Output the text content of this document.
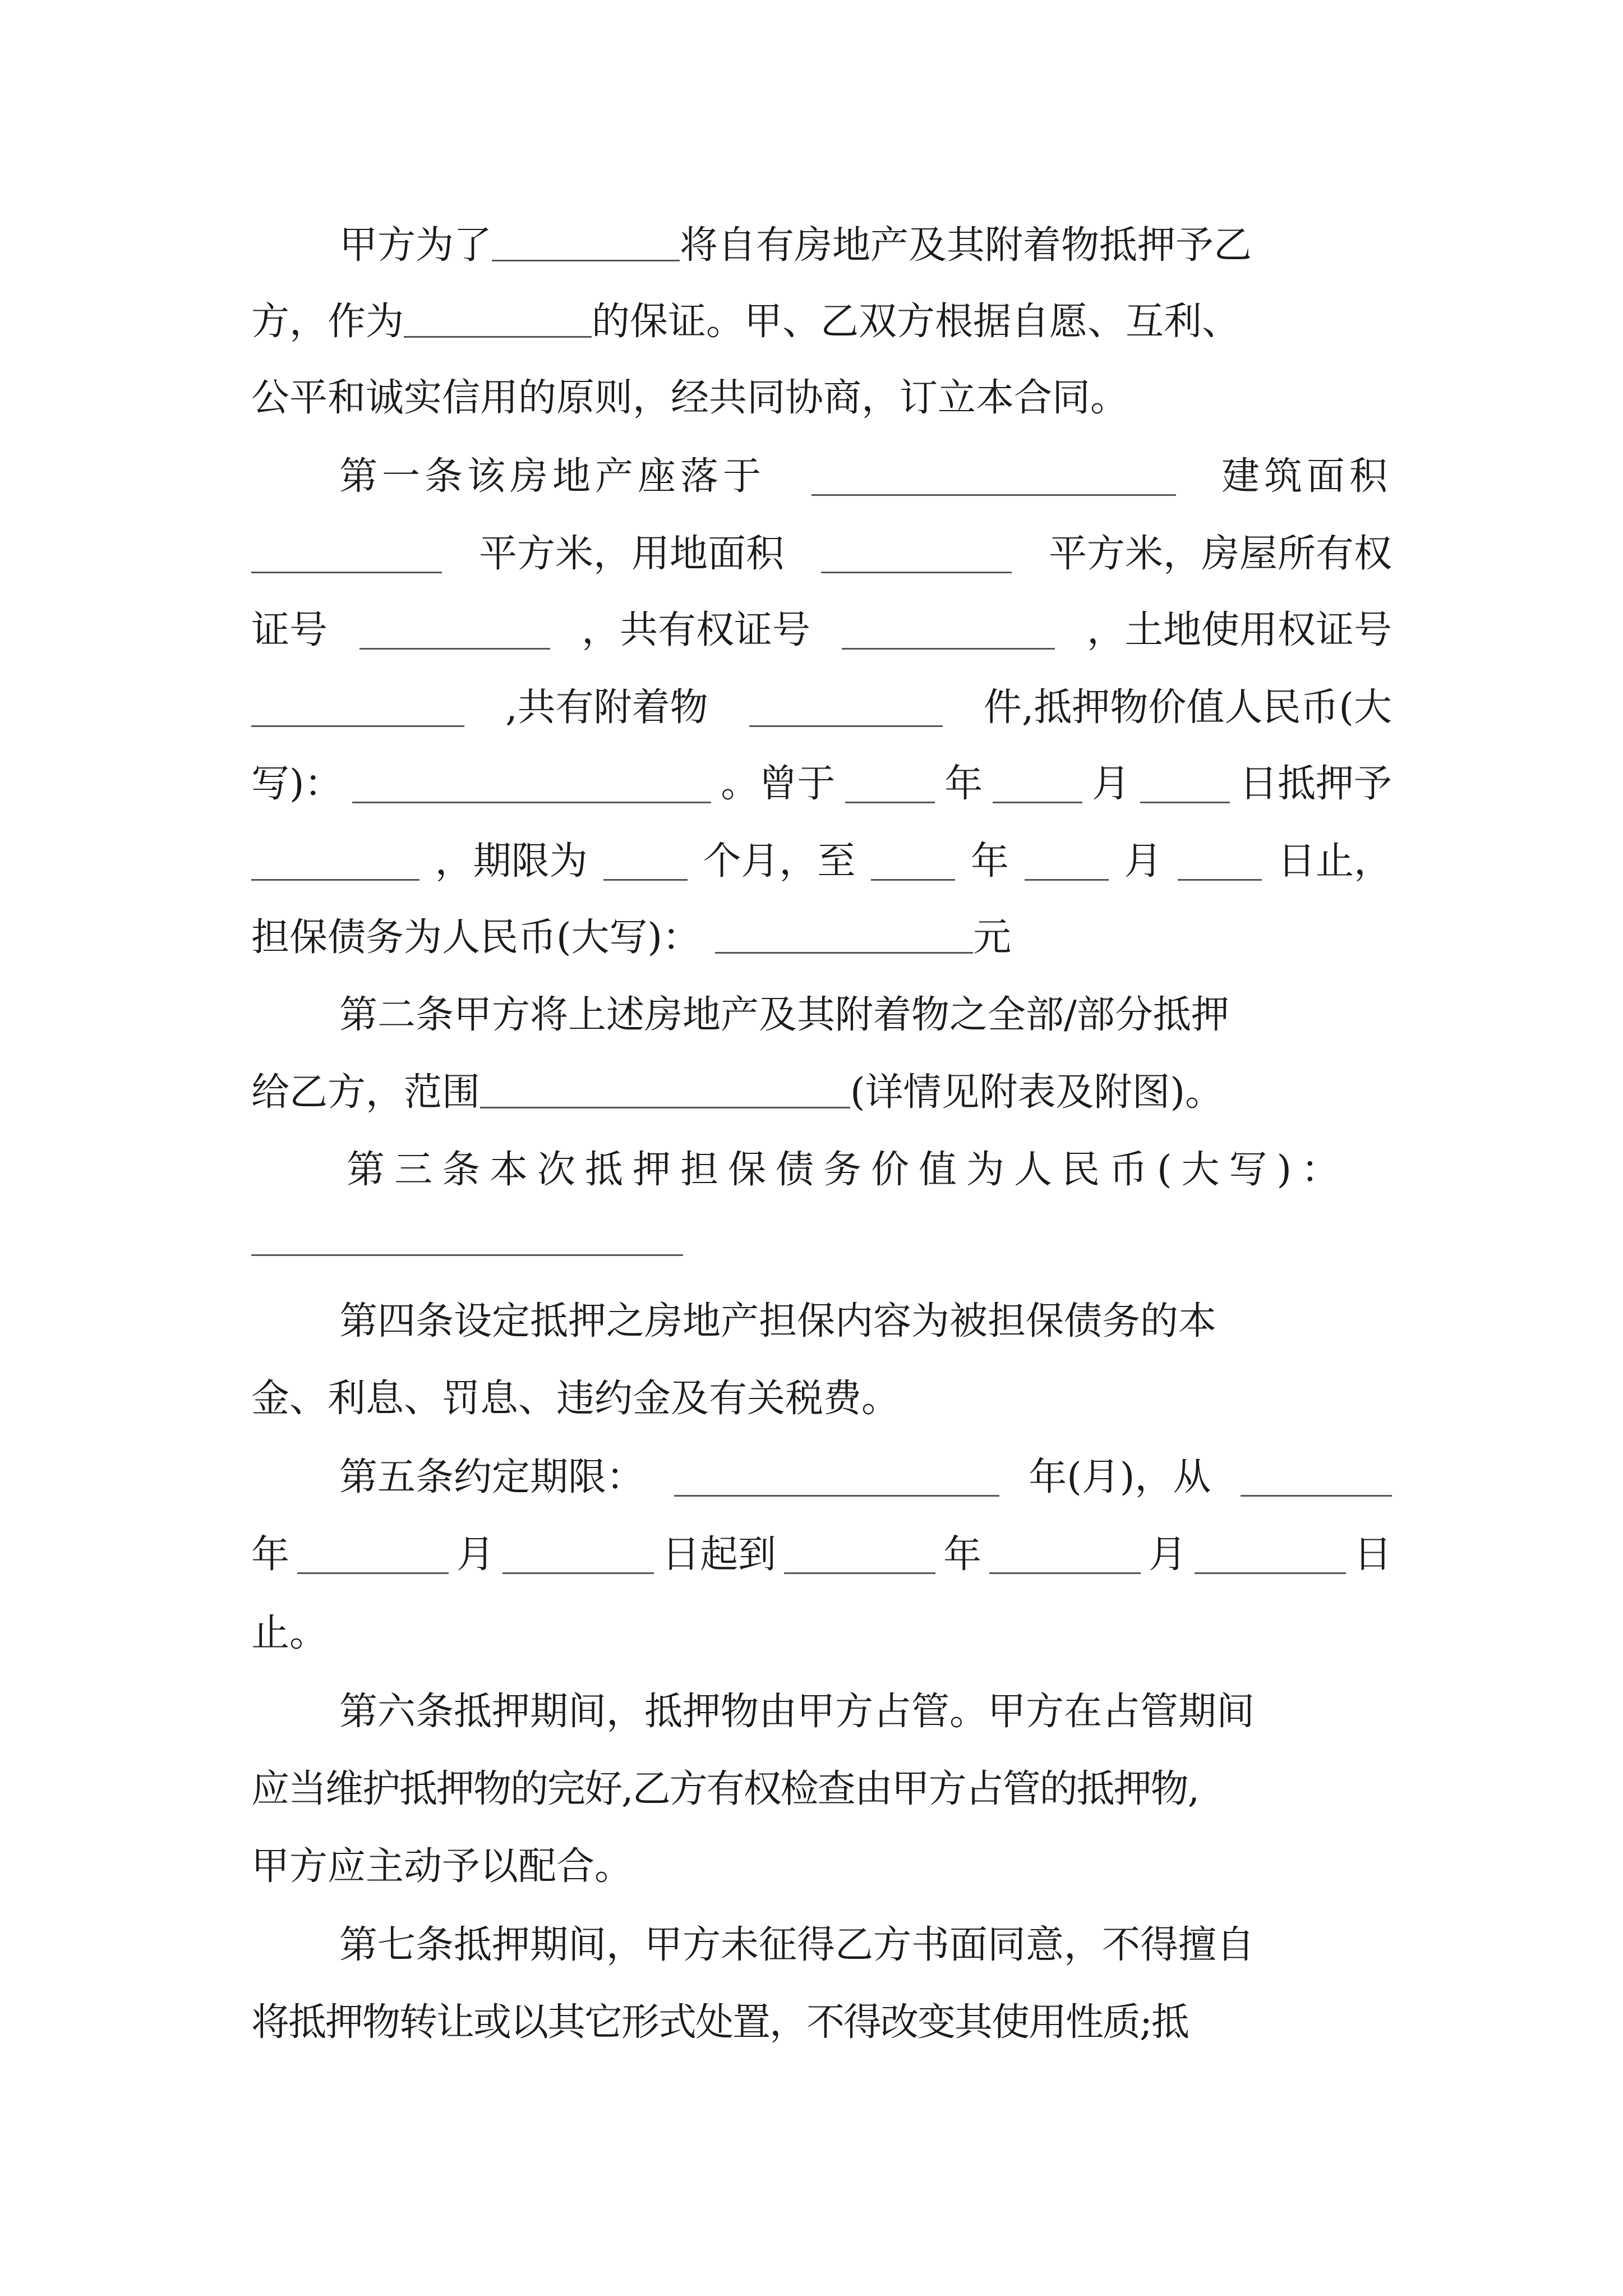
甲方为了	将自有房地产及其附着物抵押予乙
方，作为	的保证。甲、乙双方根据自愿、互利、
公平和诚实信用的原则，经共同协商，订立本合同。
第一条该房地产座落于	建筑面积
平方米，用地面积	平方米，房屋所有权
证号	，共有权证号	，土地使用权证号
,共有附着物	件,抵押物价值人民币(大
写)：	。曾于	年	月	日抵押予
，期限为	个月，至	年	月	日止，
担保债务为人民币(大写)：	元
第二条甲方将上述房地产及其附着物之全部/部分抵押
给乙方，范围	(详情见附表及附图)。
第三条本次抵押担保债务价值为人民币(大写)：
第四条设定抵押之房地产担保内容为被担保债务的本
金、利息、罚息、违约金及有关税费。
第五条约定期限：	年(月)，从
年	月	日起到	年	月	日
止。
第六条抵押期间，抵押物由甲方占管。甲方在占管期间
应当维护抵押物的完好,乙方有权检查由甲方占管的抵押物,
甲方应主动予以配合。
第七条抵押期间，甲方未征得乙方书面同意，不得擅自
将抵押物转让或以其它形式处置，不得改变其使用性质;抵
